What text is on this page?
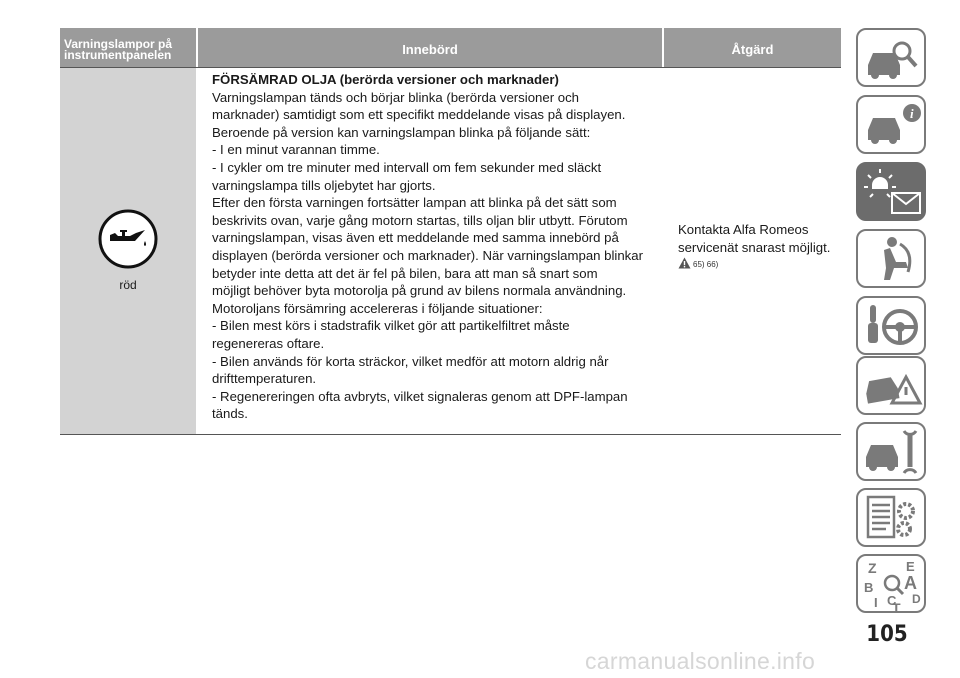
Varningslampor på
instrumentpanelen	Innebörd	Åtgärd
röd
FÖRSÄMRAD OLJA (berörda versioner och marknader)
Varningslampan tänds och börjar blinka (berörda versioner och
marknader) samtidigt som ett specifikt meddelande visas på displayen.
Beroende på version kan varningslampan blinka på följande sätt:
- I en minut varannan timme.
- I cykler om tre minuter med intervall om fem sekunder med släckt
varningslampa tills oljebytet har gjorts.
Efter den första varningen fortsätter lampan att blinka på det sätt som
beskrivits ovan, varje gång motorn startas, tills oljan blir utbytt. Förutom
varningslampan, visas även ett meddelande med samma innebörd på
displayen (berörda versioner och marknader). När varningslampan blinkar
betyder inte detta att det är fel på bilen, bara att man så snart som
möjligt behöver byta motorolja på grund av bilens normala användning.
Motoroljans försämring accelereras i följande situationer:
- Bilen mest körs i stadstrafik vilket gör att partikelfiltret måste
regenereras oftare.
- Bilen används för korta sträckor, vilket medför att motorn aldrig når
drifttemperaturen.
- Regenereringen ofta avbryts, vilket signaleras genom att DPF-lampan
tänds.
Kontakta Alfa Romeos
servicenät snarast möjligt.
65) 66)
i
Z E
A
B
C
I T
D
105
carmanualsonline.info
